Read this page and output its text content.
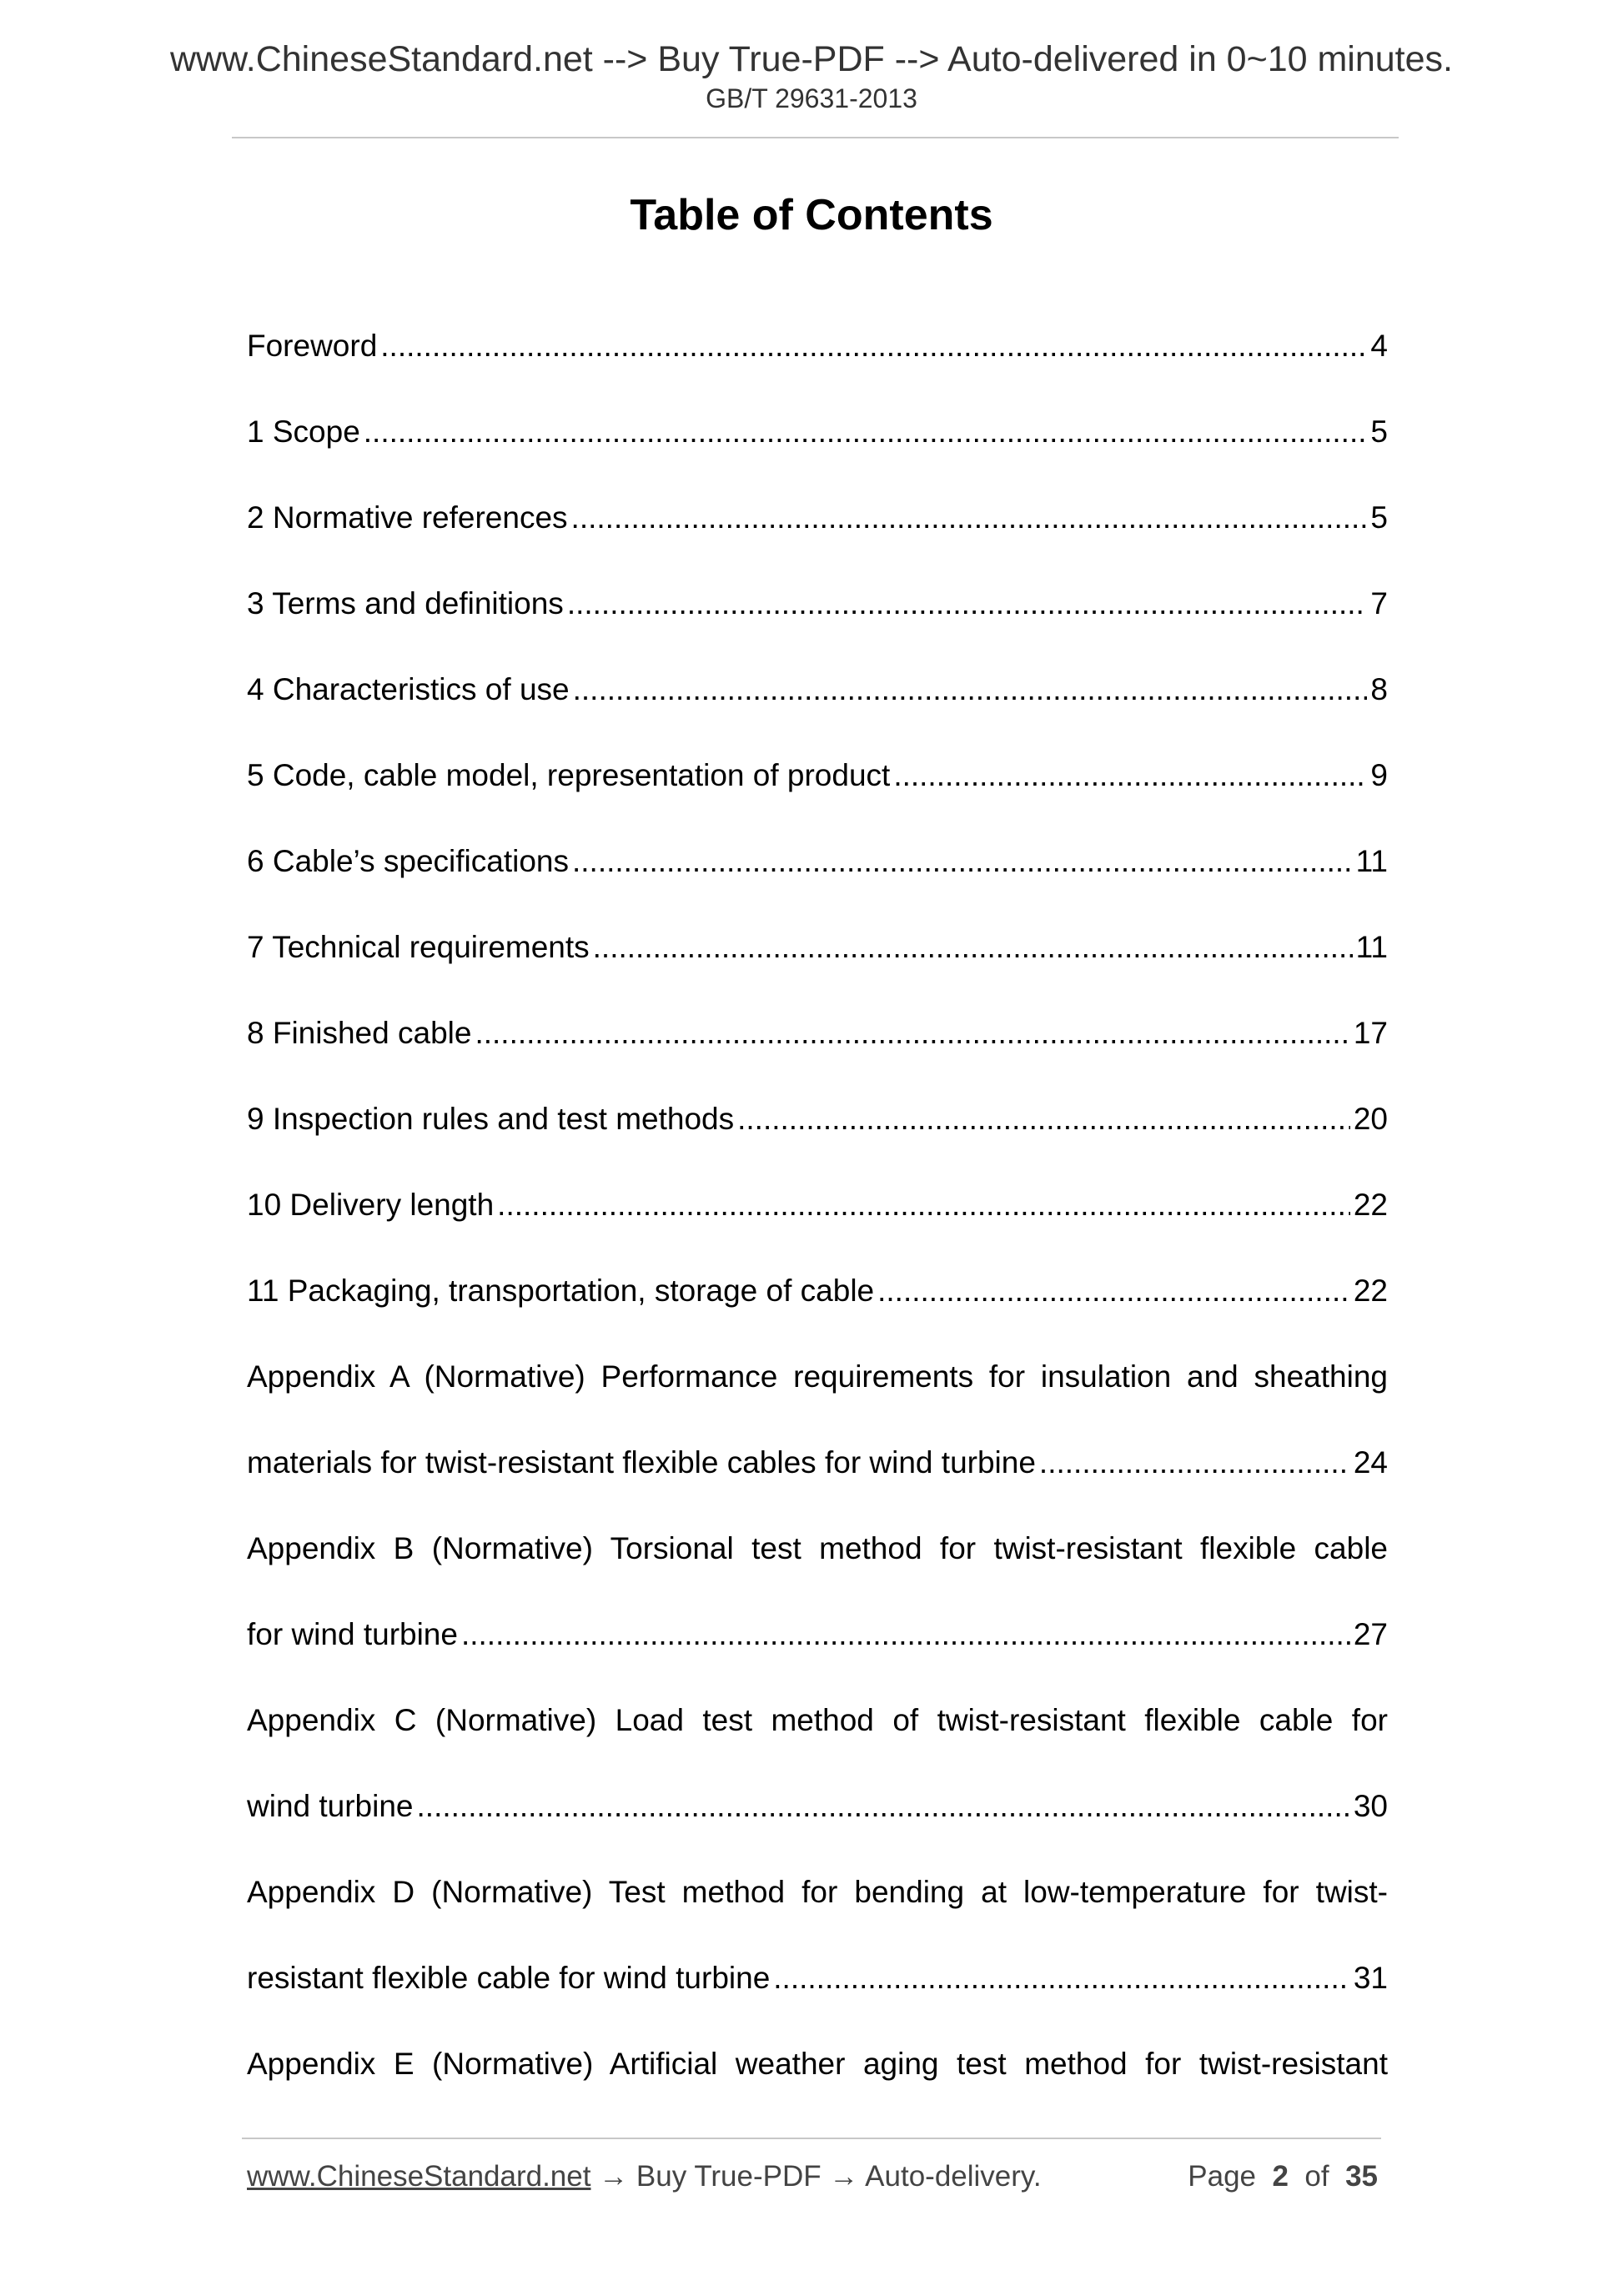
www.ChineseStandard.net --> Buy True-PDF --> Auto-delivered in 0~10 minutes.
GB/T 29631-2013
Table of Contents
Foreword .....	4
1 Scope .....	5
2 Normative references .....	5
3 Terms and definitions .....	7
4 Characteristics of use .....	8
5 Code, cable model, representation of product .....	9
6 Cable’s specifications .....	11
7 Technical requirements .....	11
8 Finished cable .....	17
9 Inspection rules and test methods .....	20
10 Delivery length .....	22
11 Packaging, transportation, storage of cable .....	22
Appendix A (Normative) Performance requirements for insulation and sheathing
materials for twist-resistant flexible cables for wind turbine .....	24
Appendix B (Normative) Torsional test method for twist-resistant flexible cable
for wind turbine .....	27
Appendix C (Normative) Load test method of twist-resistant flexible cable for
wind turbine .....	30
Appendix D (Normative) Test method for bending at low-temperature for twist-
resistant flexible cable for wind turbine .....	31
Appendix E (Normative) Artificial weather aging test method for twist-resistant
www.ChineseStandard.net → Buy True-PDF → Auto-delivery.	Page 2 of 35
